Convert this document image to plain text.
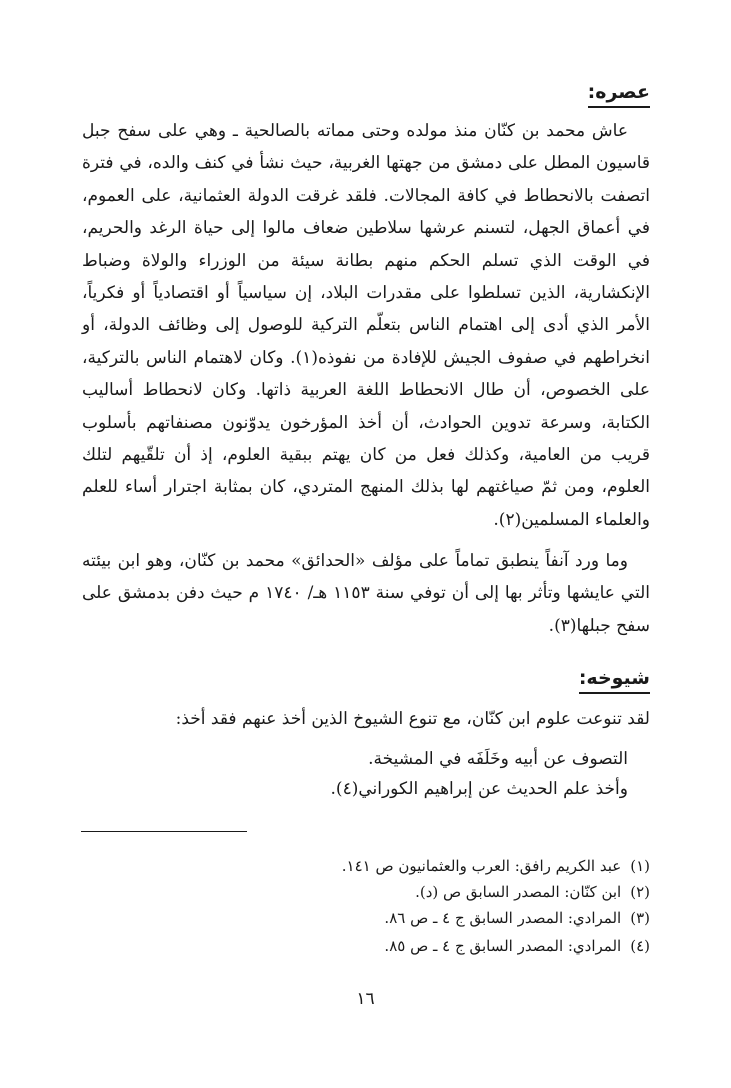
عصره:

عاش محمد بن كنّان منذ مولده وحتى مماته بالصالحية ـ وهي على سفح جبل قاسيون المطل على دمشق من جهتها الغربية، حيث نشأ في كنف والده، في فترة اتصفت بالانحطاط في كافة المجالات. فلقد غرقت الدولة العثمانية، على العموم، في أعماق الجهل، لتسنم عرشها سلاطين ضعاف مالوا إلى حياة الرغد والحريم، في الوقت الذي تسلم الحكم منهم بطانة سيئة من الوزراء والولاة وضباط الإنكشارية، الذين تسلطوا على مقدرات البلاد، إن سياسياً أو اقتصادياً أو فكرياً، الأمر الذي أدى إلى اهتمام الناس بتعلّم التركية للوصول إلى وظائف الدولة، أو انخراطهم في صفوف الجيش للإفادة من نفوذه(١). وكان لاهتمام الناس بالتركية، على الخصوص، أن طال الانحطاط اللغة العربية ذاتها. وكان لانحطاط أساليب الكتابة، وسرعة تدوين الحوادث، أن أخذ المؤرخون يدوّنون مصنفاتهم بأسلوب قريب من العامية، وكذلك فعل من كان يهتم ببقية العلوم، إذ أن تلقّيهم لتلك العلوم، ومن ثمّ صياغتهم لها بذلك المنهج المتردي، كان بمثابة اجترار أساء للعلم والعلماء المسلمين(٢).

وما ورد آنفاً ينطبق تماماً على مؤلف «الحدائق» محمد بن كنّان، وهو ابن بيئته التي عايشها وتأثر بها إلى أن توفي سنة ١١٥٣ هـ/ ١٧٤٠ م حيث دفن بدمشق على سفح جبلها(٣).

شيوخه:

لقد تنوعت علوم ابن كنّان، مع تنوع الشيوخ الذين أخذ عنهم فقد أخذ:

التصوف عن أبيه وخَلَفَه في المشيخة.

وأخذ علم الحديث عن إبراهيم الكوراني(٤).

(١)عبد الكريم رافق: العرب والعثمانيون ص ١٤١.

(٢)ابن كنّان: المصدر السابق ص (د).

(٣)المرادي: المصدر السابق ج ٤ ـ ص ٨٦.

(٤)المرادي: المصدر السابق ج ٤ ـ ص ٨٥.

١٦
